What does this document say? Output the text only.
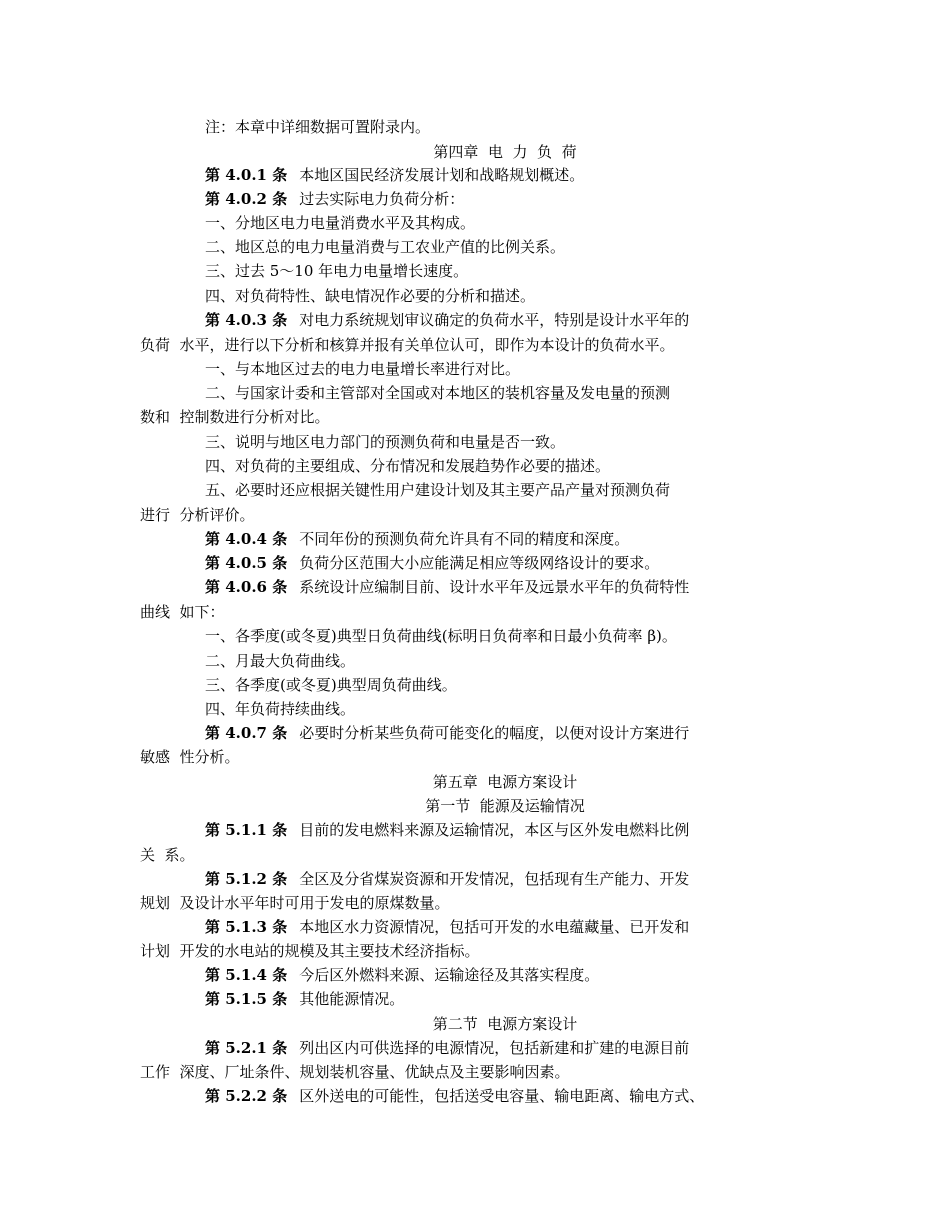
注：本章中详细数据可置附录内。
第四章  电  力  负  荷
第 4.0.1 条 本地区国民经济发展计划和战略规划概述。
第 4.0.2 条 过去实际电力负荷分析：
一、分地区电力电量消费水平及其构成。
二、地区总的电力电量消费与工农业产值的比例关系。
三、过去 5～10 年电力电量增长速度。
四、对负荷特性、缺电情况作必要的分析和描述。
第 4.0.3 条 对电力系统规划审议确定的负荷水平，特别是设计水平年的
负荷  水平，进行以下分析和核算并报有关单位认可，即作为本设计的负荷水平。
一、与本地区过去的电力电量增长率进行对比。
二、与国家计委和主管部对全国或对本地区的装机容量及发电量的预测
数和  控制数进行分析对比。
三、说明与地区电力部门的预测负荷和电量是否一致。
四、对负荷的主要组成、分布情况和发展趋势作必要的描述。
五、必要时还应根据关键性用户建设计划及其主要产品产量对预测负荷
进行  分析评价。
第 4.0.4 条 不同年份的预测负荷允许具有不同的精度和深度。
第 4.0.5 条 负荷分区范围大小应能满足相应等级网络设计的要求。
第 4.0.6 条 系统设计应编制目前、设计水平年及远景水平年的负荷特性
曲线  如下：
一、各季度(或冬夏)典型日负荷曲线(标明日负荷率和日最小负荷率 β)。
二、月最大负荷曲线。
三、各季度(或冬夏)典型周负荷曲线。
四、年负荷持续曲线。
第 4.0.7 条 必要时分析某些负荷可能变化的幅度，以便对设计方案进行
敏感  性分析。
第五章  电源方案设计
第一节  能源及运输情况
第 5.1.1 条 目前的发电燃料来源及运输情况，本区与区外发电燃料比例
关  系。
第 5.1.2 条 全区及分省煤炭资源和开发情况，包括现有生产能力、开发
规划  及设计水平年时可用于发电的原煤数量。
第 5.1.3 条 本地区水力资源情况，包括可开发的水电蕴藏量、已开发和
计划  开发的水电站的规模及其主要技术经济指标。
第 5.1.4 条 今后区外燃料来源、运输途径及其落实程度。
第 5.1.5 条 其他能源情况。
第二节  电源方案设计
第 5.2.1 条 列出区内可供选择的电源情况，包括新建和扩建的电源目前
工作  深度、厂址条件、规划装机容量、优缺点及主要影响因素。
第 5.2.2 条 区外送电的可能性，包括送受电容量、输电距离、输电方式、
